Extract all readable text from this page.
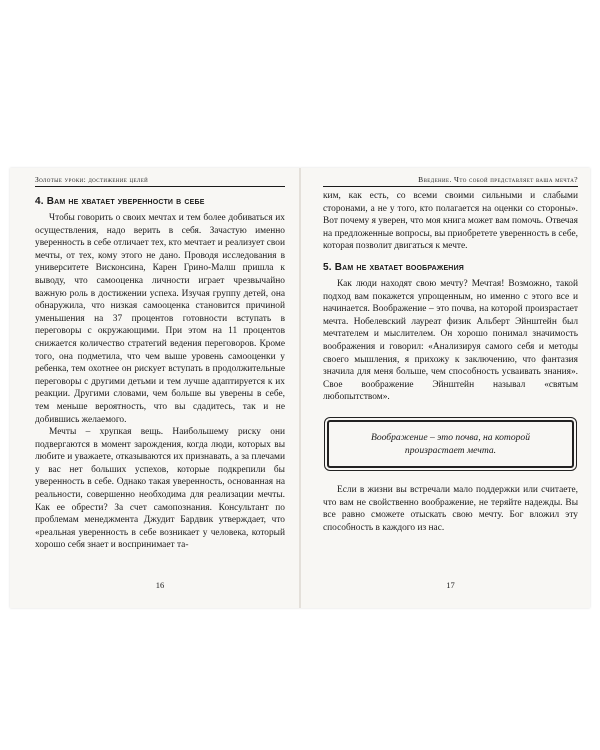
Золотые уроки: достижение целей
4. Вам не хватает уверенности в себе

Чтобы говорить о своих мечтах и тем более добиваться их осуществления, надо верить в себя. Зачастую именно уверенность в себе отличает тех, кто мечтает и реализует свои мечты, от тех, кому этого не дано. Проводя исследования в университете Висконсина, Карен Грино-Малш пришла к выводу, что самооценка личности играет чрезвычайно важную роль в достижении успеха. Изучая группу детей, она обнаружила, что низкая самооценка становится причиной уменьшения на 37 процентов готовности вступать в переговоры с окружающими. При этом на 11 процентов снижается количество стратегий ведения переговоров. Кроме того, она подметила, что чем выше уровень самооценки у ребенка, тем охотнее он рискует вступать в продолжительные переговоры с другими детьми и тем лучше адаптируется к их реакции. Другими словами, чем больше вы уверены в себе, тем меньше вероятность, что вы сдадитесь, так и не добившись желаемого.

Мечты – хрупкая вещь. Наибольшему риску они подвергаются в момент зарождения, когда люди, которых вы любите и уважаете, отказываются их признавать, а за плечами у вас нет больших успехов, которые подкрепили бы уверенность в себе. Однако такая уверенность, основанная на реальности, совершенно необходима для реализации мечты. Как ее обрести? За счет самопознания. Консультант по проблемам менеджмента Джудит Бардвик утверждает, что «реальная уверенность в себе возникает у человека, который хорошо себя знает и воспринимает та-

16
Введение. Что собой представляет ваша мечта?

ким, как есть, со всеми своими сильными и слабыми сторонами, а не у того, кто полагается на оценки со стороны». Вот почему я уверен, что моя книга может вам помочь. Отвечая на предложенные вопросы, вы приобретете уверенность в себе, которая позволит двигаться к мечте.

5. Вам не хватает воображения

Как люди находят свою мечту? Мечтая! Возможно, такой подход вам покажется упрощенным, но именно с этого все и начинается. Воображение – это почва, на которой произрастает мечта. Нобелевский лауреат физик Альберт Эйнштейн был мечтателем и мыслителем. Он хорошо понимал значимость воображения и говорил: «Анализируя самого себя и методы своего мышления, я прихожу к заключению, что фантазия значила для меня больше, чем способность усваивать знания». Свое воображение Эйнштейн называл «святым любопытством».

Воображение – это почва, на которой
произрастает мечта.

Если в жизни вы встречали мало поддержки или считаете, что вам не свойственно воображение, не теряйте надежды. Вы все равно сможете отыскать свою мечту. Бог вложил эту способность в каждого из нас.

17
